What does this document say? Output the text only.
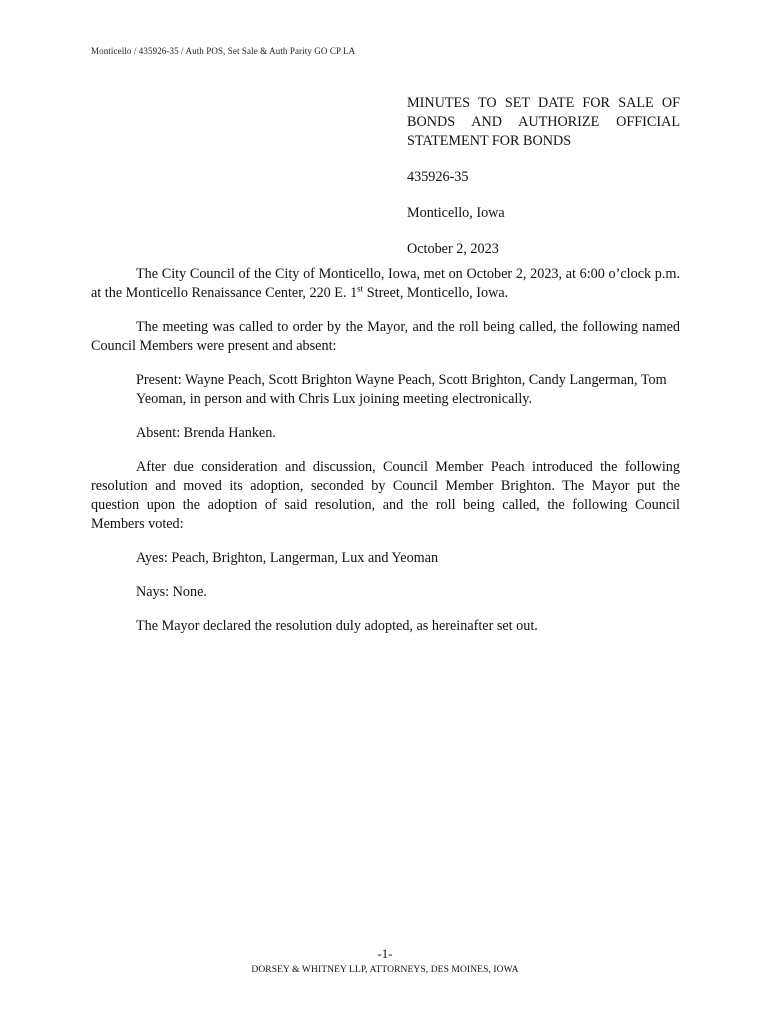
Monticello / 435926-35 / Auth POS, Set Sale & Auth Parity GO CP LA
MINUTES TO SET DATE FOR SALE OF BONDS AND AUTHORIZE OFFICIAL STATEMENT FOR BONDS
435926-35
Monticello, Iowa
October 2, 2023

The City Council of the City of Monticello, Iowa, met on October 2, 2023, at 6:00 o’clock p.m. at the Monticello Renaissance Center, 220 E. 1st Street, Monticello, Iowa.

The meeting was called to order by the Mayor, and the roll being called, the following named Council Members were present and absent:

Present: Wayne Peach, Scott Brighton Wayne Peach, Scott Brighton, Candy Langerman, Tom Yeoman, in person and with Chris Lux joining meeting electronically.

Absent: Brenda Hanken.

After due consideration and discussion, Council Member Peach introduced the following resolution and moved its adoption, seconded by Council Member Brighton. The Mayor put the question upon the adoption of said resolution, and the roll being called, the following Council Members voted:

Ayes: Peach, Brighton, Langerman, Lux and Yeoman

Nays: None.

The Mayor declared the resolution duly adopted, as hereinafter set out.

-1-
DORSEY & WHITNEY LLP, ATTORNEYS, DES MOINES, IOWA
